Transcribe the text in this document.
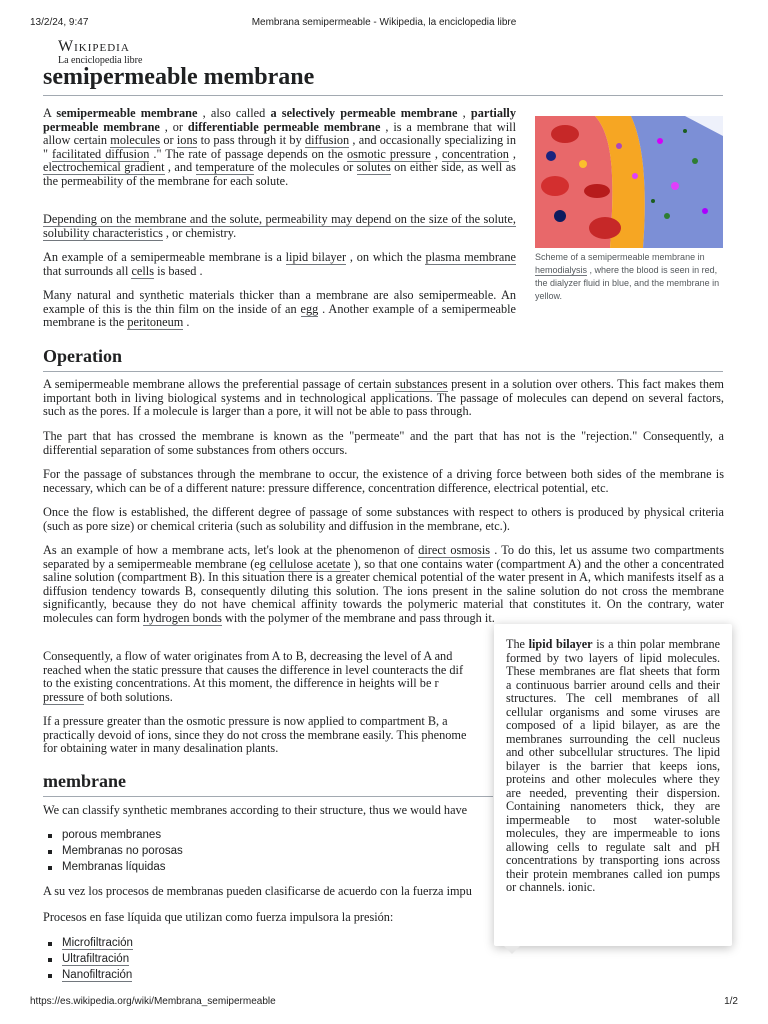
13/2/24, 9:47	Membrana semipermeable - Wikipedia, la enciclopedia libre
Wikipedia
La enciclopedia libre
semipermeable membrane

A semipermeable membrane , also called a selectively permeable membrane , partially permeable membrane , or differentiable permeable membrane , is a membrane that will allow certain molecules or ions to pass through it by diffusion , and occasionally specializing in " facilitated diffusion ." The rate of passage depends on the osmotic pressure , concentration , electrochemical gradient , and temperature of the molecules or solutes on either side, as well as the permeability of the membrane for each solute.

Depending on the membrane and the solute, permeability may depend on the size of the solute, solubility characteristics , or chemistry.

An example of a semipermeable membrane is a lipid bilayer , on which the plasma membrane that surrounds all cells is based .

Many natural and synthetic materials thicker than a membrane are also semipermeable. An example of this is the thin film on the inside of an egg . Another example of a semipermeable membrane is the peritoneum .

Scheme of a semipermeable membrane in hemodialysis , where the blood is seen in red, the dialyzer fluid in blue, and the membrane in yellow.

Operation

A semipermeable membrane allows the preferential passage of certain substances present in a solution over others. This fact makes them important both in living biological systems and in technological applications. The passage of molecules can depend on several factors, such as the pores. If a molecule is larger than a pore, it will not be able to pass through.

The part that has crossed the membrane is known as the "permeate" and the part that has not is the "rejection." Consequently, a differential separation of some substances from others occurs.

For the passage of substances through the membrane to occur, the existence of a driving force between both sides of the membrane is necessary, which can be of a different nature: pressure difference, concentration difference, electrical potential, etc.

Once the flow is established, the different degree of passage of some substances with respect to others is produced by physical criteria (such as pore size) or chemical criteria (such as solubility and diffusion in the membrane, etc.).

As an example of how a membrane acts, let's look at the phenomenon of direct osmosis . To do this, let us assume two compartments separated by a semipermeable membrane (eg cellulose acetate ), so that one contains water (compartment A) and the other a concentrated saline solution (compartment B). In this situation there is a greater chemical potential of the water present in A, which manifests itself as a diffusion tendency towards B, consequently diluting this solution. The ions present in the saline solution do not cross the membrane significantly, because they do not have chemical affinity towards the polymeric material that constitutes it. On the contrary, water molecules can form hydrogen bonds with the polymer of the membrane and pass through it.

Consequently, a flow of water originates from A to B, decreasing the level of A and
reached when the static pressure that causes the difference in level counteracts the dif
to the existing concentrations. At this moment, the difference in heights will be r
pressure of both solutions.

If a pressure greater than the osmotic pressure is now applied to compartment B, a
practically devoid of ions, since they do not cross the membrane easily. This phenome
for obtaining water in many desalination plants.

membrane

We can classify synthetic membranes according to their structure, thus we would have

porous membranes
Membranas no porosas
Membranas líquidas

A su vez los procesos de membranas pueden clasificarse de acuerdo con la fuerza impu

Procesos en fase líquida que utilizan como fuerza impulsora la presión:

Microfiltración
Ultrafiltración
Nanofiltración

The lipid bilayer is a thin polar membrane formed by two layers of lipid molecules. These membranes are flat sheets that form a continuous barrier around cells and their structures. The cell membranes of all cellular organisms and some viruses are composed of a lipid bilayer, as are the membranes surrounding the cell nucleus and other subcellular structures. The lipid bilayer is the barrier that keeps ions, proteins and other molecules where they are needed, preventing their dispersion. Containing nanometers thick, they are impermeable to most water-soluble molecules, they are impermeable to ions allowing cells to regulate salt and pH concentrations by transporting ions across their protein membranes called ion pumps or channels. ionic.

https://es.wikipedia.org/wiki/Membrana_semipermeable	1/2
